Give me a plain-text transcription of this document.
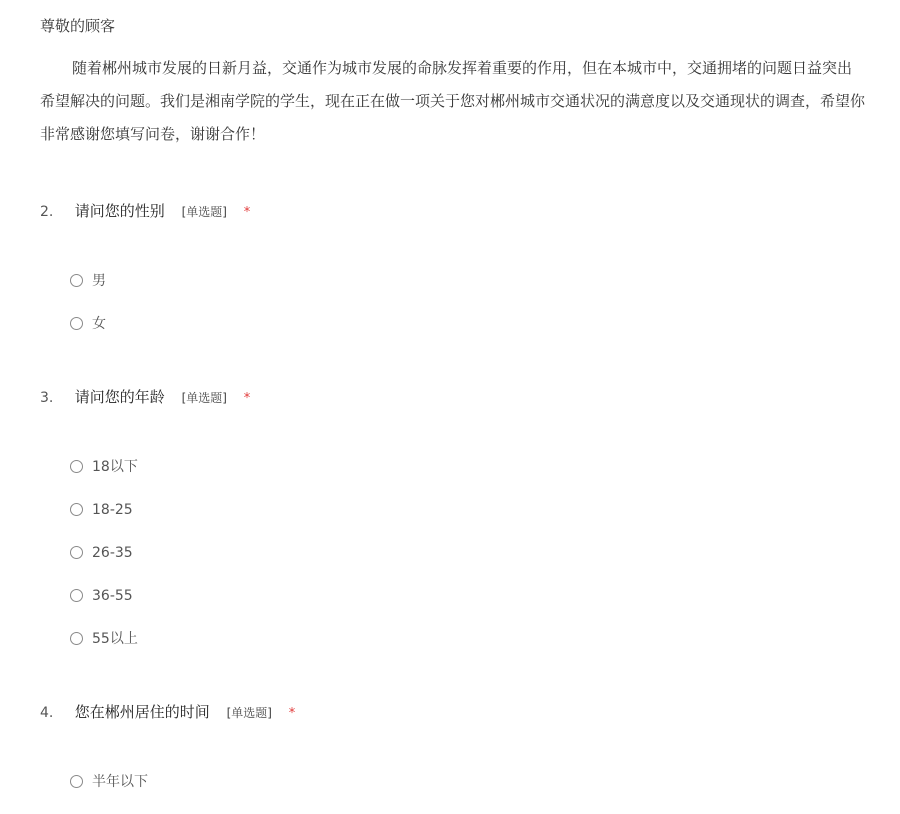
尊敬的顾客
随着郴州城市发展的日新月益，交通作为城市发展的命脉发挥着重要的作用，但在本城市中，交通拥堵的问题日益突出
希望解决的问题。我们是湘南学院的学生，现在正在做一项关于您对郴州城市交通状况的满意度以及交通现状的调查，希望你
非常感谢您填写问卷，谢谢合作！
2. 请问您的性别 [单选题] *
男
女
3. 请问您的年龄 [单选题] *
18以下
18-25
26-35
36-55
55以上
4. 您在郴州居住的时间 [单选题] *
半年以下
